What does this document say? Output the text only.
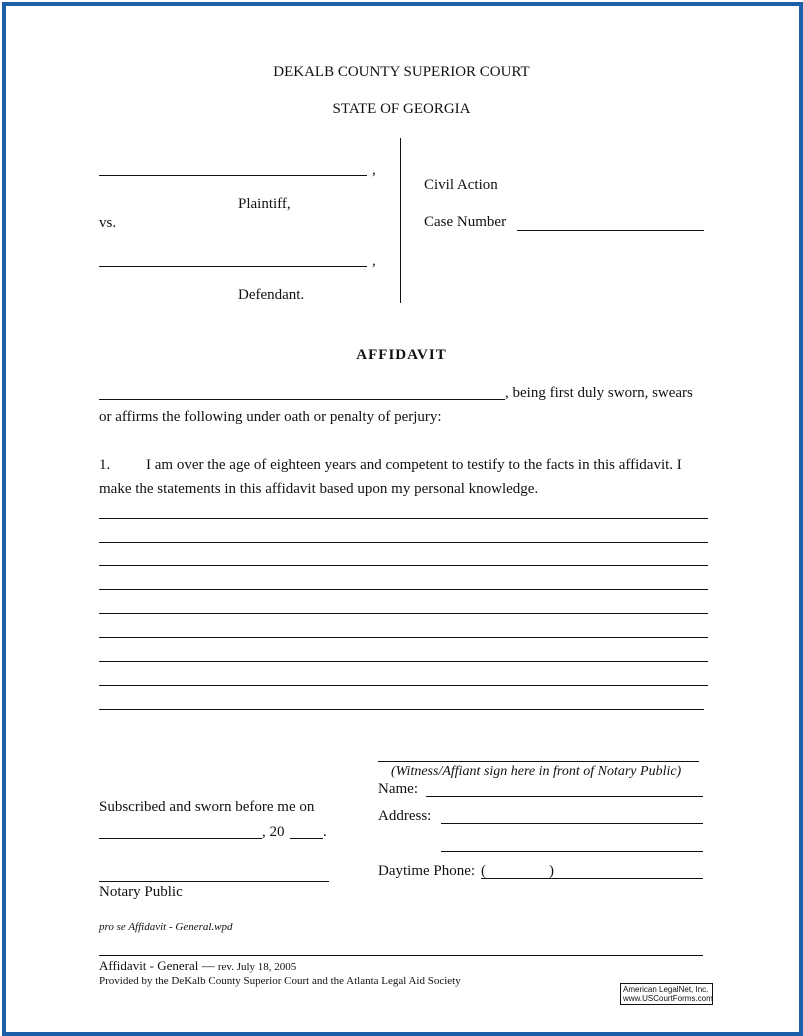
DEKALB COUNTY SUPERIOR COURT
STATE OF GEORGIA
,
Plaintiff,
vs.
,
Defendant.
Civil Action
Case Number
AFFIDAVIT
, being first duly sworn, swears
or affirms the following under oath or penalty of perjury:
1. I am over the age of eighteen years and competent to testify to the facts in this affidavit. I
make the statements in this affidavit based upon my personal knowledge.
(Witness/Affiant sign here in front of Notary Public)
Name:
Address:
Daytime Phone: (	)
Subscribed and sworn before me on
, 20	.
Notary Public
pro se Affidavit - General.wpd
Affidavit - General — rev. July 18, 2005
Provided by the DeKalb County Superior Court and the Atlanta Legal Aid Society
American LegalNet, Inc.
www.USCourtForms.com
